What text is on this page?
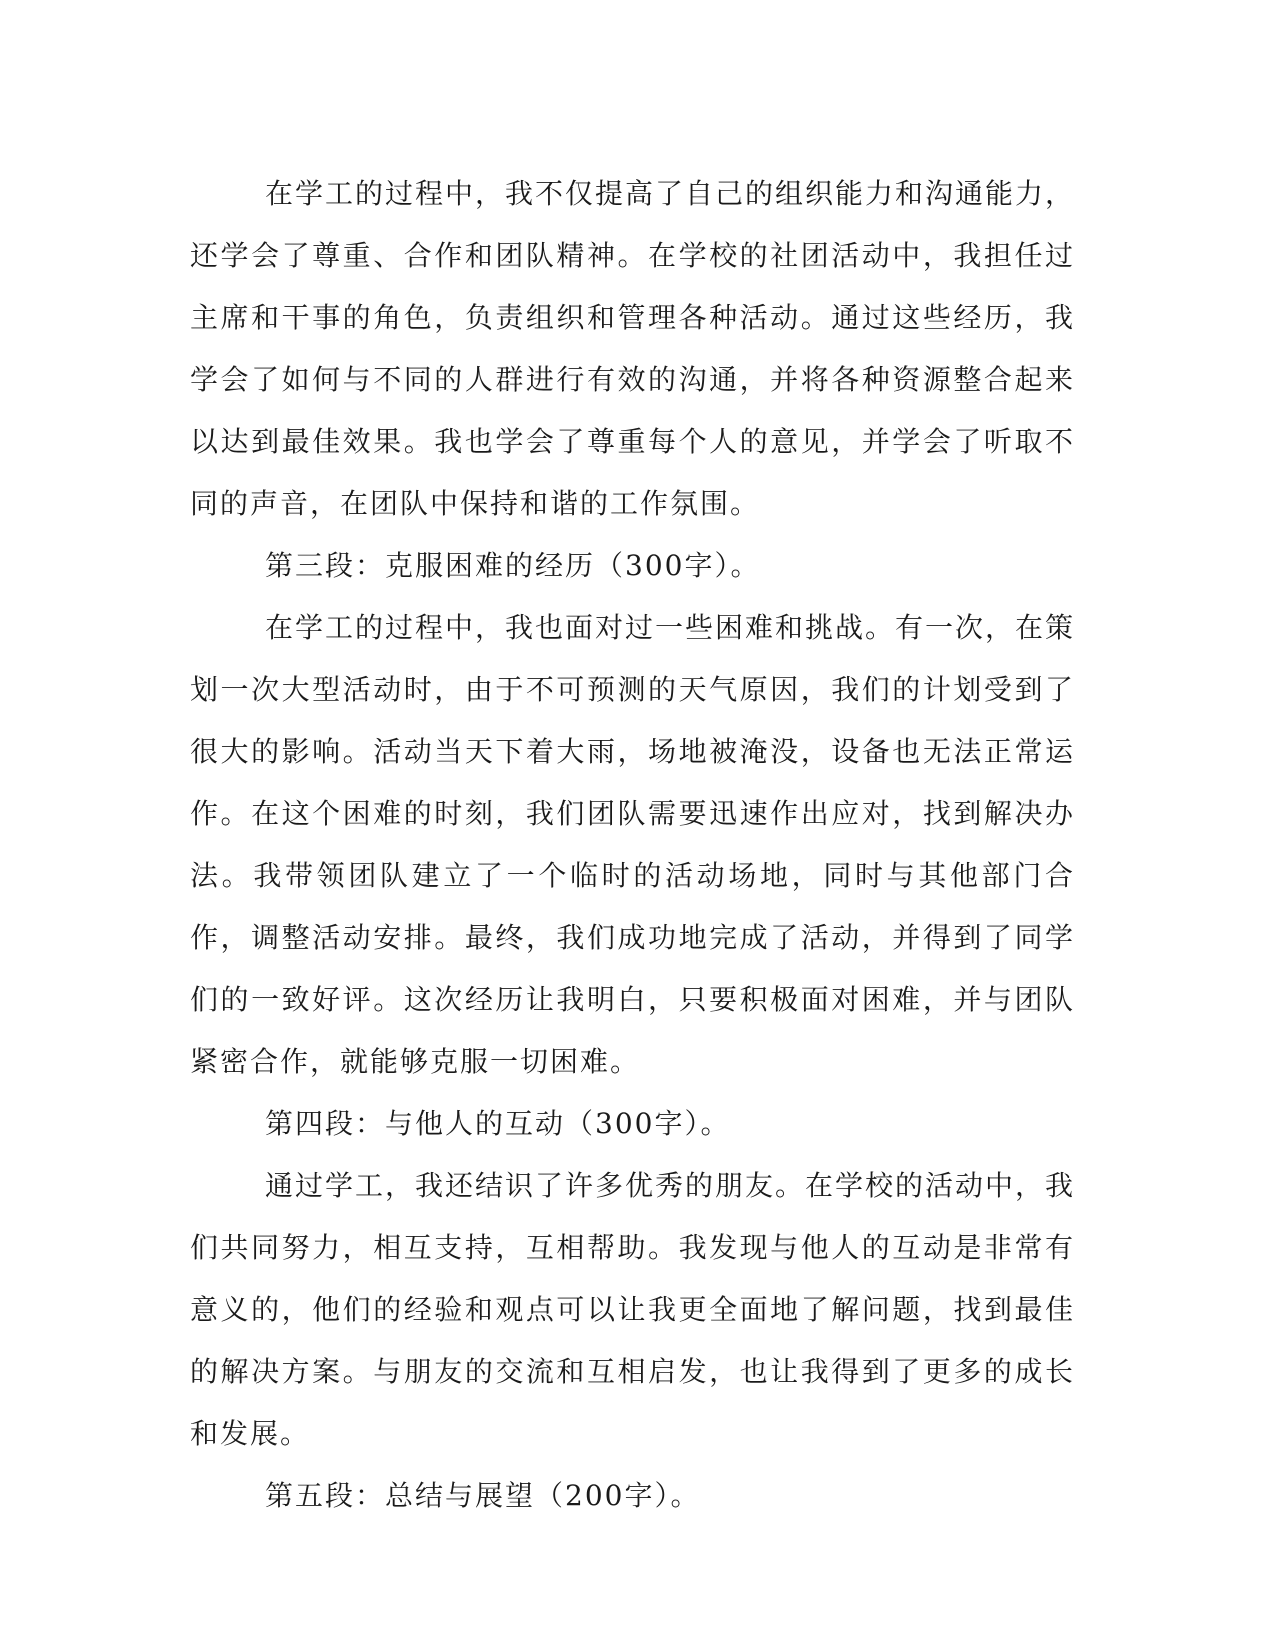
在学工的过程中，我不仅提高了自己的组织能力和沟通能力，还学会了尊重、合作和团队精神。在学校的社团活动中，我担任过主席和干事的角色，负责组织和管理各种活动。通过这些经历，我学会了如何与不同的人群进行有效的沟通，并将各种资源整合起来以达到最佳效果。我也学会了尊重每个人的意见，并学会了听取不同的声音，在团队中保持和谐的工作氛围。

第三段：克服困难的经历（300字）。

在学工的过程中，我也面对过一些困难和挑战。有一次，在策划一次大型活动时，由于不可预测的天气原因，我们的计划受到了很大的影响。活动当天下着大雨，场地被淹没，设备也无法正常运作。在这个困难的时刻，我们团队需要迅速作出应对，找到解决办法。我带领团队建立了一个临时的活动场地，同时与其他部门合作，调整活动安排。最终，我们成功地完成了活动，并得到了同学们的一致好评。这次经历让我明白，只要积极面对困难，并与团队紧密合作，就能够克服一切困难。

第四段：与他人的互动（300字）。

通过学工，我还结识了许多优秀的朋友。在学校的活动中，我们共同努力，相互支持，互相帮助。我发现与他人的互动是非常有意义的，他们的经验和观点可以让我更全面地了解问题，找到最佳的解决方案。与朋友的交流和互相启发，也让我得到了更多的成长和发展。

第五段：总结与展望（200字）。
